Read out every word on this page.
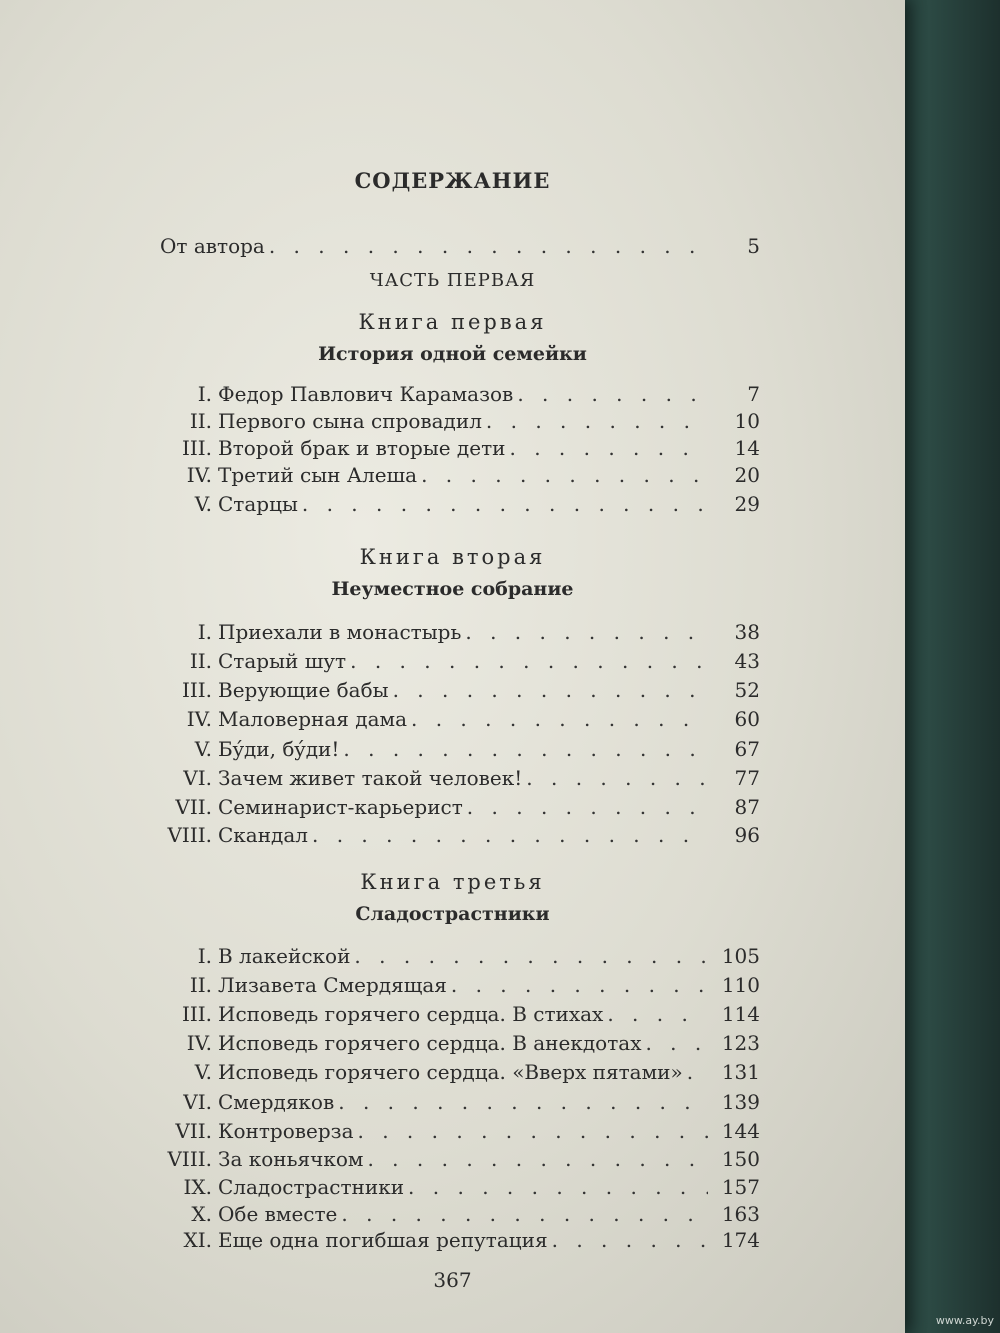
СОДЕРЖАНИЕ
От автора . . .	5
ЧАСТЬ ПЕРВАЯ
Книга первая
История одной семейки
I. Федор Павлович Карамазов . . .	7
II. Первого сына спровадил . . .	10
III. Второй брак и вторые дети . . .	14
IV. Третий сын Алеша . . .	20
V. Старцы . . .	29
Книга вторая
Неуместное собрание
I. Приехали в монастырь . . .	38
II. Старый шут . . .	43
III. Верующие бабы . . .	52
IV. Маловерная дама . . .	60
V. Бýди, бýди! . . .	67
VI. Зачем живет такой человек! . . .	77
VII. Семинарист-карьерист . . .	87
VIII. Скандал . . .	96
Книга третья
Сладострастники
I. В лакейской . . .	105
II. Лизавета Смердящая . . .	110
III. Исповедь горячего сердца. В стихах . . .	114
IV. Исповедь горячего сердца. В анекдотах . . .	123
V. Исповедь горячего сердца. «Вверх пятами» . . .	131
VI. Смердяков . . .	139
VII. Контроверза . . .	144
VIII. За коньячком . . .	150
IX. Сладострастники . . .	157
X. Обе вместе . . .	163
XI. Еще одна погибшая репутация . . .	174
367
www.ay.by
